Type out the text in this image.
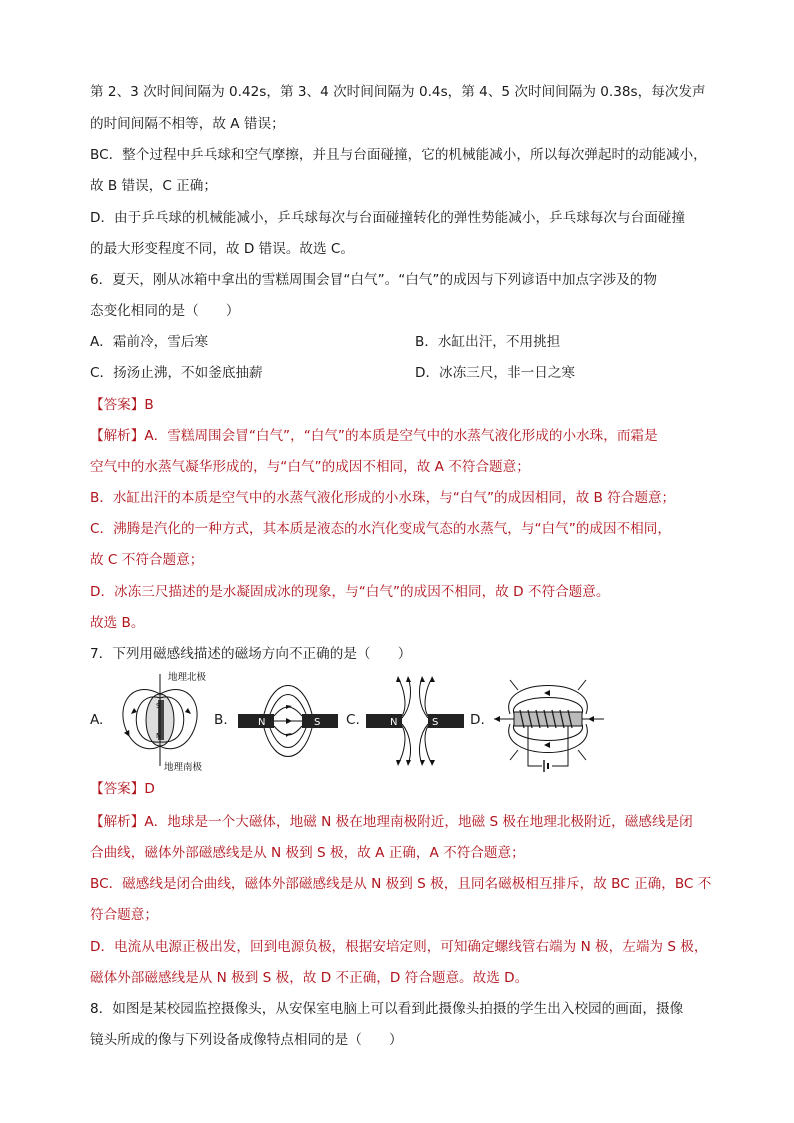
第 2、3 次时间间隔为 0.42s，第 3、4 次时间间隔为 0.4s，第 4、5 次时间间隔为 0.38s，每次发声
的时间间隔不相等，故 A 错误；
BC．整个过程中乒乓球和空气摩擦，并且与台面碰撞，它的机械能减小，所以每次弹起时的动能减小，
故 B 错误，C 正确；
D．由于乒乓球的机械能减小，乒乓球每次与台面碰撞转化的弹性势能减小，乒乓球每次与台面碰撞
的最大形变程度不同，故 D 错误。故选 C。
6．夏天，刚从冰箱中拿出的雪糕周围会冒“白气”。“白气”的成因与下列谚语中加点字涉及的物
态变化相同的是（　　）
A．霜前冷，雪后寒	B．水缸出汗，不用挑担
C．扬汤止沸，不如釜底抽薪	D．冰冻三尺，非一日之寒
【答案】B
【解析】A．雪糕周围会冒“白气”，“白气”的本质是空气中的水蒸气液化形成的小水珠，而霜是
空气中的水蒸气凝华形成的，与“白气”的成因不相同，故 A 不符合题意；
B．水缸出汗的本质是空气中的水蒸气液化形成的小水珠，与“白气”的成因相同，故 B 符合题意；
C．沸腾是汽化的一种方式，其本质是液态的水汽化变成气态的水蒸气，与“白气”的成因不相同，
故 C 不符合题意；
D．冰冻三尺描述的是水凝固成冰的现象，与“白气”的成因不相同，故 D 不符合题意。
故选 B。
7．下列用磁感线描述的磁场方向不正确的是（　　）
A.	B.	C.	D.
S
N
地理北极
地理南极
N	S	N	S
【答案】D
【解析】A．地球是一个大磁体，地磁 N 极在地理南极附近，地磁 S 极在地理北极附近，磁感线是闭
合曲线，磁体外部磁感线是从 N 极到 S 极，故 A 正确，A 不符合题意；
BC．磁感线是闭合曲线，磁体外部磁感线是从 N 极到 S 极，且同名磁极相互排斥，故 BC 正确，BC 不
符合题意；
D．电流从电源正极出发，回到电源负极，根据安培定则，可知确定螺线管右端为 N 极，左端为 S 极，
磁体外部磁感线是从 N 极到 S 极，故 D 不正确，D 符合题意。故选 D。
8．如图是某校园监控摄像头，从安保室电脑上可以看到此摄像头拍摄的学生出入校园的画面，摄像
镜头所成的像与下列设备成像特点相同的是（　　）
